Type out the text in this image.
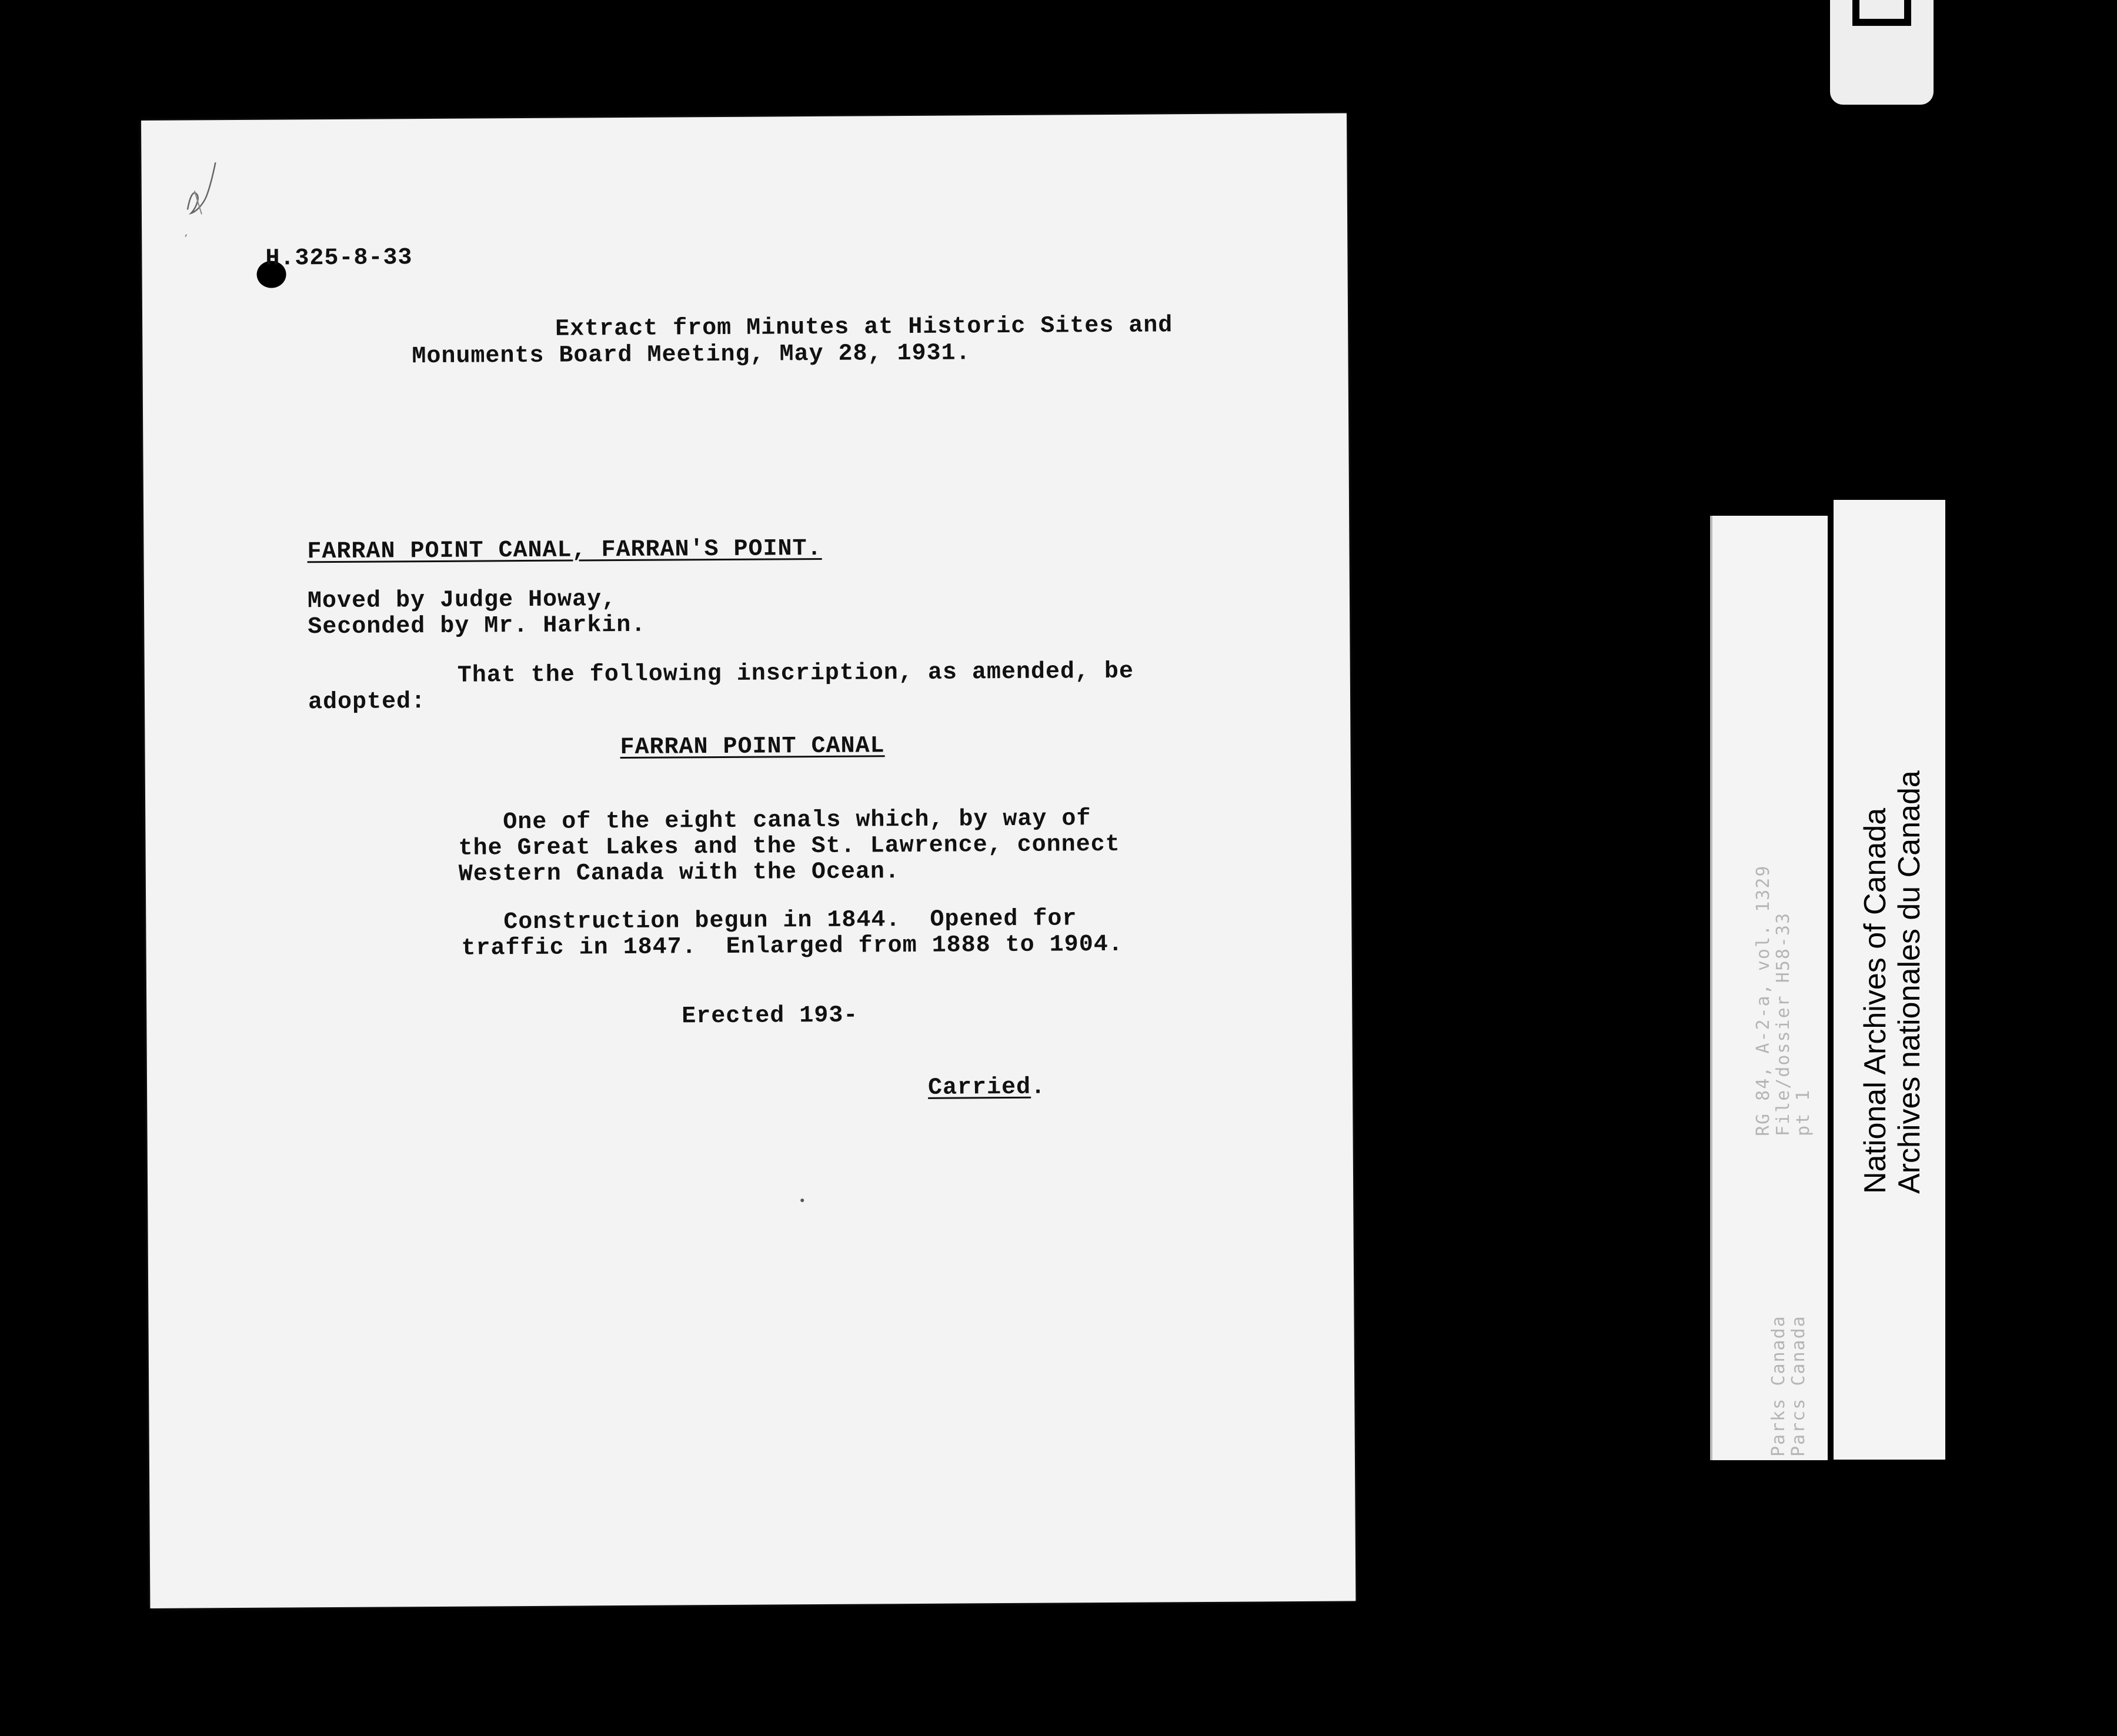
H.325-8-33
Extract from Minutes at Historic Sites and
Monuments Board Meeting, May 28, 1931.
FARRAN POINT CANAL, FARRAN'S POINT.
Moved by Judge Howay,
Seconded by Mr. Harkin.
That the following inscription, as amended, be
adopted:
FARRAN POINT CANAL
One of the eight canals which, by way of
the Great Lakes and the St. Lawrence, connect
Western Canada with the Ocean.
Construction begun in 1844.  Opened for
traffic in 1847.  Enlarged from 1888 to 1904.
Erected 193-
Carried.	RG 84, A-2-a, vol. 1329 File/dossier H58-33 pt 1
Parks Canada Parcs Canada
National Archives of Canada Archives nationales du Canada
